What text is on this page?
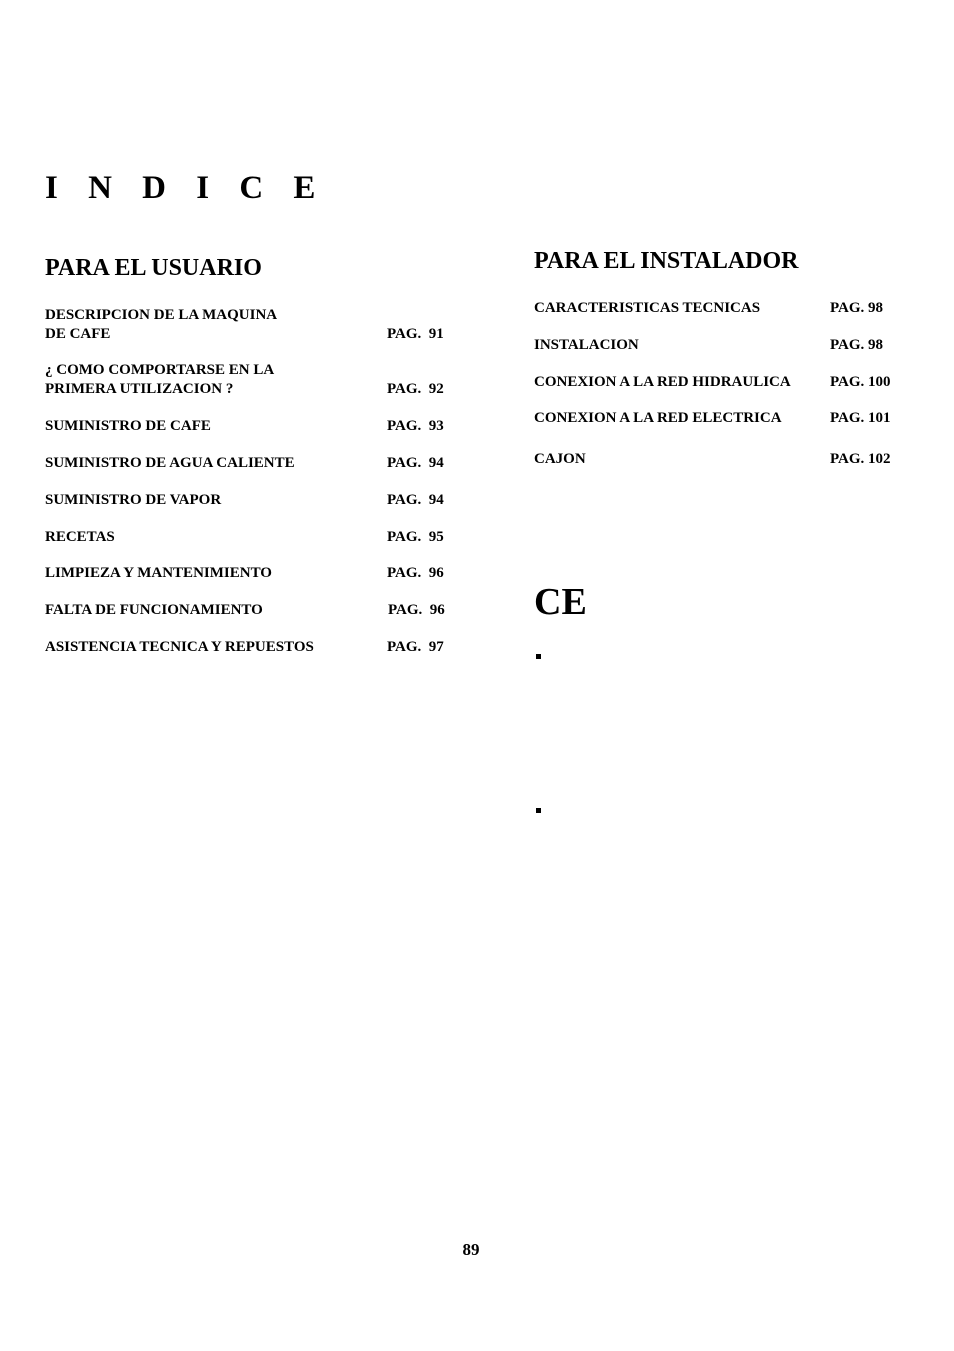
I N D I C E
PARA EL USUARIO
DESCRIPCION DE LA MAQUINA
DE CAFE	PAG.  91
¿ COMO COMPORTARSE EN LA
PRIMERA UTILIZACION ?	PAG.  92
SUMINISTRO DE CAFE	PAG.  93
SUMINISTRO DE AGUA CALIENTE	PAG.  94
SUMINISTRO DE VAPOR	PAG.  94
RECETAS	PAG.  95
LIMPIEZA Y MANTENIMIENTO	PAG.  96
FALTA DE FUNCIONAMIENTO	PAG.  96
ASISTENCIA TECNICA Y REPUESTOS	PAG.  97
PARA EL INSTALADOR
CARACTERISTICAS TECNICAS	PAG. 98
INSTALACION	PAG. 98
CONEXION A LA RED HIDRAULICA	PAG. 100
CONEXION A LA RED ELECTRICA	PAG. 101
CAJON	PAG. 102
CE
89
